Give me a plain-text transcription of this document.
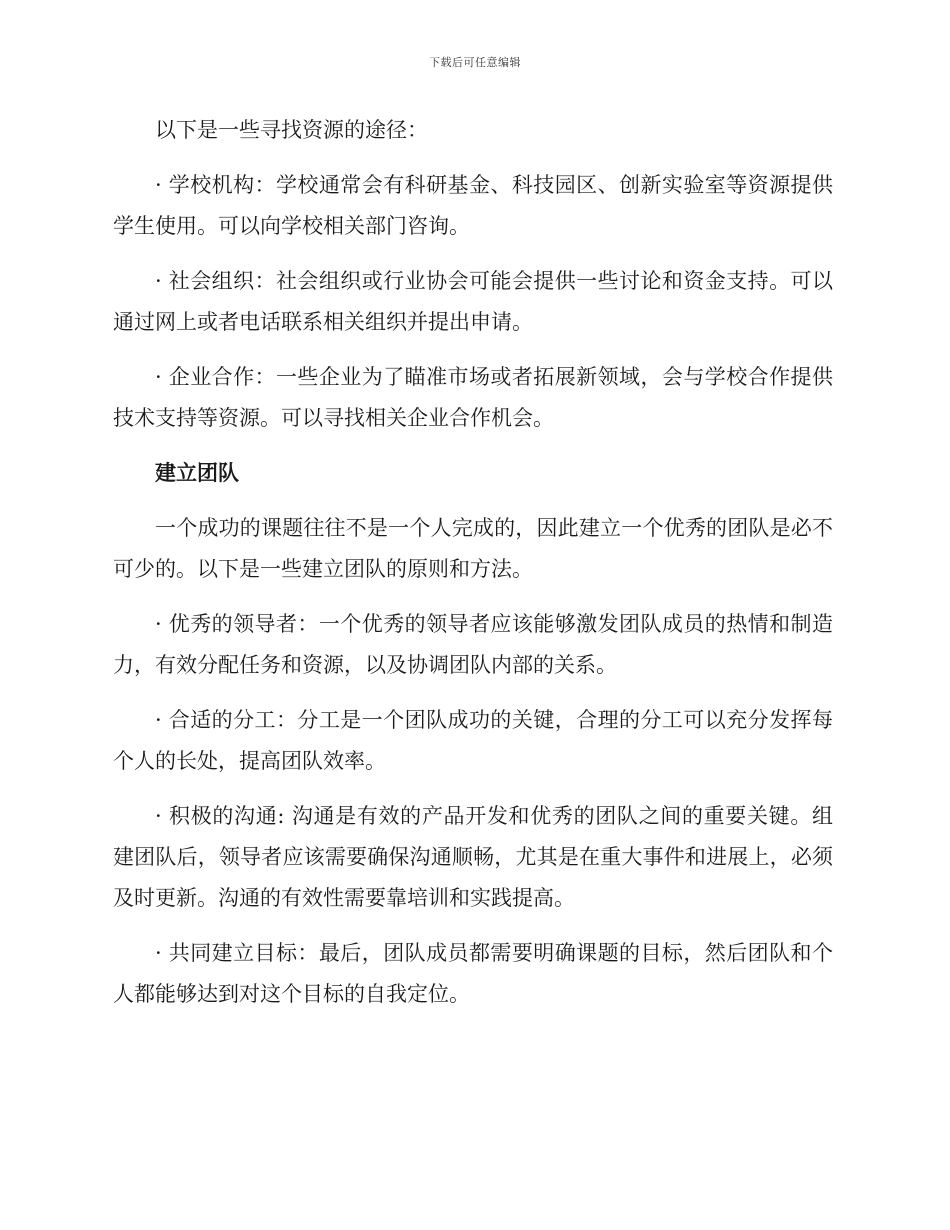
下载后可任意编辑

以下是一些寻找资源的途径：

· 学校机构：学校通常会有科研基金、科技园区、创新实验室等资源提供学生使用。可以向学校相关部门咨询。

· 社会组织：社会组织或行业协会可能会提供一些讨论和资金支持。可以通过网上或者电话联系相关组织并提出申请。

· 企业合作：一些企业为了瞄准市场或者拓展新领域，会与学校合作提供技术支持等资源。可以寻找相关企业合作机会。

建立团队

一个成功的课题往往不是一个人完成的，因此建立一个优秀的团队是必不可少的。以下是一些建立团队的原则和方法。

· 优秀的领导者：一个优秀的领导者应该能够激发团队成员的热情和制造力，有效分配任务和资源，以及协调团队内部的关系。

· 合适的分工：分工是一个团队成功的关键，合理的分工可以充分发挥每个人的长处，提高团队效率。

· 积极的沟通: 沟通是有效的产品开发和优秀的团队之间的重要关键。组建团队后，领导者应该需要确保沟通顺畅，尤其是在重大事件和进展上，必须及时更新。沟通的有效性需要靠培训和实践提高。

· 共同建立目标：最后，团队成员都需要明确课题的目标，然后团队和个人都能够达到对这个目标的自我定位。
